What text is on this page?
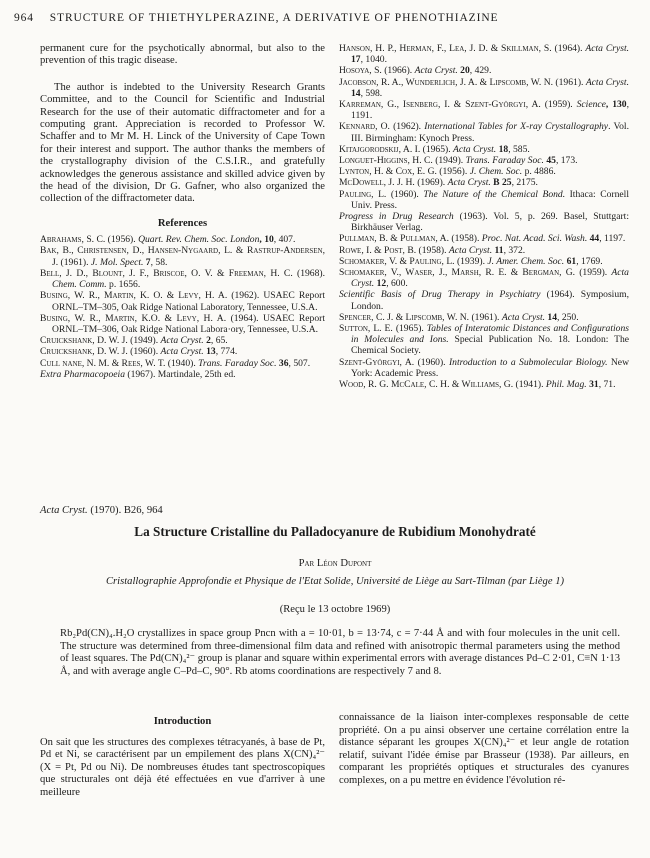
964 STRUCTURE OF THIETHYLPERAZINE, A DERIVATIVE OF PHENOTHIAZINE

permanent cure for the psychotically abnormal, but also to the prevention of this tragic disease.

The author is indebted to the University Research Grants Committee, and to the Council for Scientific and Industrial Research for the use of their automatic diffractometer and for a computing grant. Appreciation is recorded to Professor W. Schaffer and to Mr M. H. Linck of the University of Cape Town for their interest and support. The author thanks the members of the crystallography division of the C.S.I.R., and gratefully acknowledges the generous assistance and skilled advice given by the head of the division, Dr G. Gafner, who also organized the collection of the diffractometer data.

References
Abrahams, S. C. (1956). Quart. Rev. Chem. Soc. London, 10, 407.
Bak, B., Christensen, D., Hansen-Nygaard, L. & Rastrup-Andersen, J. (1961). J. Mol. Spect. 7, 58.
Bell, J. D., Blount, J. F., Briscoe, O. V. & Freeman, H. C. (1968). Chem. Comm. p. 1656.
Busing, W. R., Martin, K. O. & Levy, H. A. (1962). USAEC Report ORNL–TM–305, Oak Ridge National Laboratory, Tennessee, U.S.A.
Busing, W. R., Martin, K.O. & Levy, H. A. (1964). USAEC Report ORNL–TM–306, Oak Ridge National Labora·ory, Tennessee, U.S.A.
Cruickshank, D. W. J. (1949). Acta Cryst. 2, 65.
Cruickshank, D. W. J. (1960). Acta Cryst. 13, 774.
Cull nane, N. M. & Rees, W. T. (1940). Trans. Faraday Soc. 36, 507.
Extra Pharmacopoeia (1967). Martindale, 25th ed.
Hanson, H. P., Herman, F., Lea, J. D. & Skillman, S. (1964). Acta Cryst. 17, 1040.
Hosoya, S. (1966). Acta Cryst. 20, 429.
Jacobson, R. A., Wunderlich, J. A. & Lipscomb, W. N. (1961). Acta Cryst. 14, 598.
Karreman, G., Isenberg, I. & Szent-Györgyi, A. (1959). Science, 130, 1191.
Kennard, O. (1962). International Tables for X-ray Crystallography. Vol. III. Birmingham: Kynoch Press.
Kitajgorodskij, A. I. (1965). Acta Cryst. 18, 585.
Longuet-Higgins, H. C. (1949). Trans. Faraday Soc. 45, 173.
Lynton, H. & Cox, E. G. (1956). J. Chem. Soc. p. 4886.
McDowell, J. J. H. (1969). Acta Cryst. B 25, 2175.
Pauling, L. (1960). The Nature of the Chemical Bond. Ithaca: Cornell Univ. Press.
Progress in Drug Research (1963). Vol. 5, p. 269. Basel, Stuttgart: Birkhäuser Verlag.
Pullman, B. & Pullman, A. (1958). Proc. Nat. Acad. Sci. Wash. 44, 1197.
Rowe, I. & Post, B. (1958). Acta Cryst. 11, 372.
Schomaker, V. & Pauling, L. (1939). J. Amer. Chem. Soc. 61, 1769.
Schomaker, V., Waser, J., Marsh, R. E. & Bergman, G. (1959). Acta Cryst. 12, 600.
Scientific Basis of Drug Therapy in Psychiatry (1964). Symposium, London.
Spencer, C. J. & Lipscomb, W. N. (1961). Acta Cryst. 14, 250.
Sutton, L. E. (1965). Tables of Interatomic Distances and Configurations in Molecules and Ions. Special Publication No. 18. London: The Chemical Society.
Szent-Györgyi, A. (1960). Introduction to a Submolecular Biology. New York: Academic Press.
Wood, R. G. McCale, C. H. & Williams, G. (1941). Phil. Mag. 31, 71.
Acta Cryst. (1970). B26, 964
La Structure Cristalline du Palladocyanure de Rubidium Monohydraté
Par Léon Dupont
Cristallographie Approfondie et Physique de l'Etat Solide, Université de Liège au Sart-Tilman (par Liège 1)
(Reçu le 13 octobre 1969)
Rb₂Pd(CN)₄.H₂O crystallizes in space group Pncn with a = 10·01, b = 13·74, c = 7·44 Å and with four molecules in the unit cell. The structure was determined from three-dimensional film data and refined with anisotropic thermal parameters using the method of least squares. The Pd(CN)₄²⁻ group is planar and square within experimental errors with average distances Pd–C 2·01, C≡N 1·13 Å, and with average angle C–Pd–C, 90°. Rb atoms coordinations are respectively 7 and 8.
Introduction

On sait que les structures des complexes tétracyanés, à base de Pt, Pd et Ni, se caractérisent par un empilement des plans X(CN)₄²⁻ (X = Pt, Pd ou Ni). De nombreuses études tant spectroscopiques que structurales ont déjà été effectuées en vue d'arriver à une meilleure

connaissance de la liaison inter-complexes responsable de cette propriété. On a pu ainsi observer une certaine corrélation entre la distance séparant les groupes X(CN)₄²⁻ et leur angle de rotation relatif, suivant l'idée émise par Brasseur (1938). Par ailleurs, en comparant les propriétés optiques et structurales des cyanures complexes, on a pu mettre en évidence l'évolution ré-
